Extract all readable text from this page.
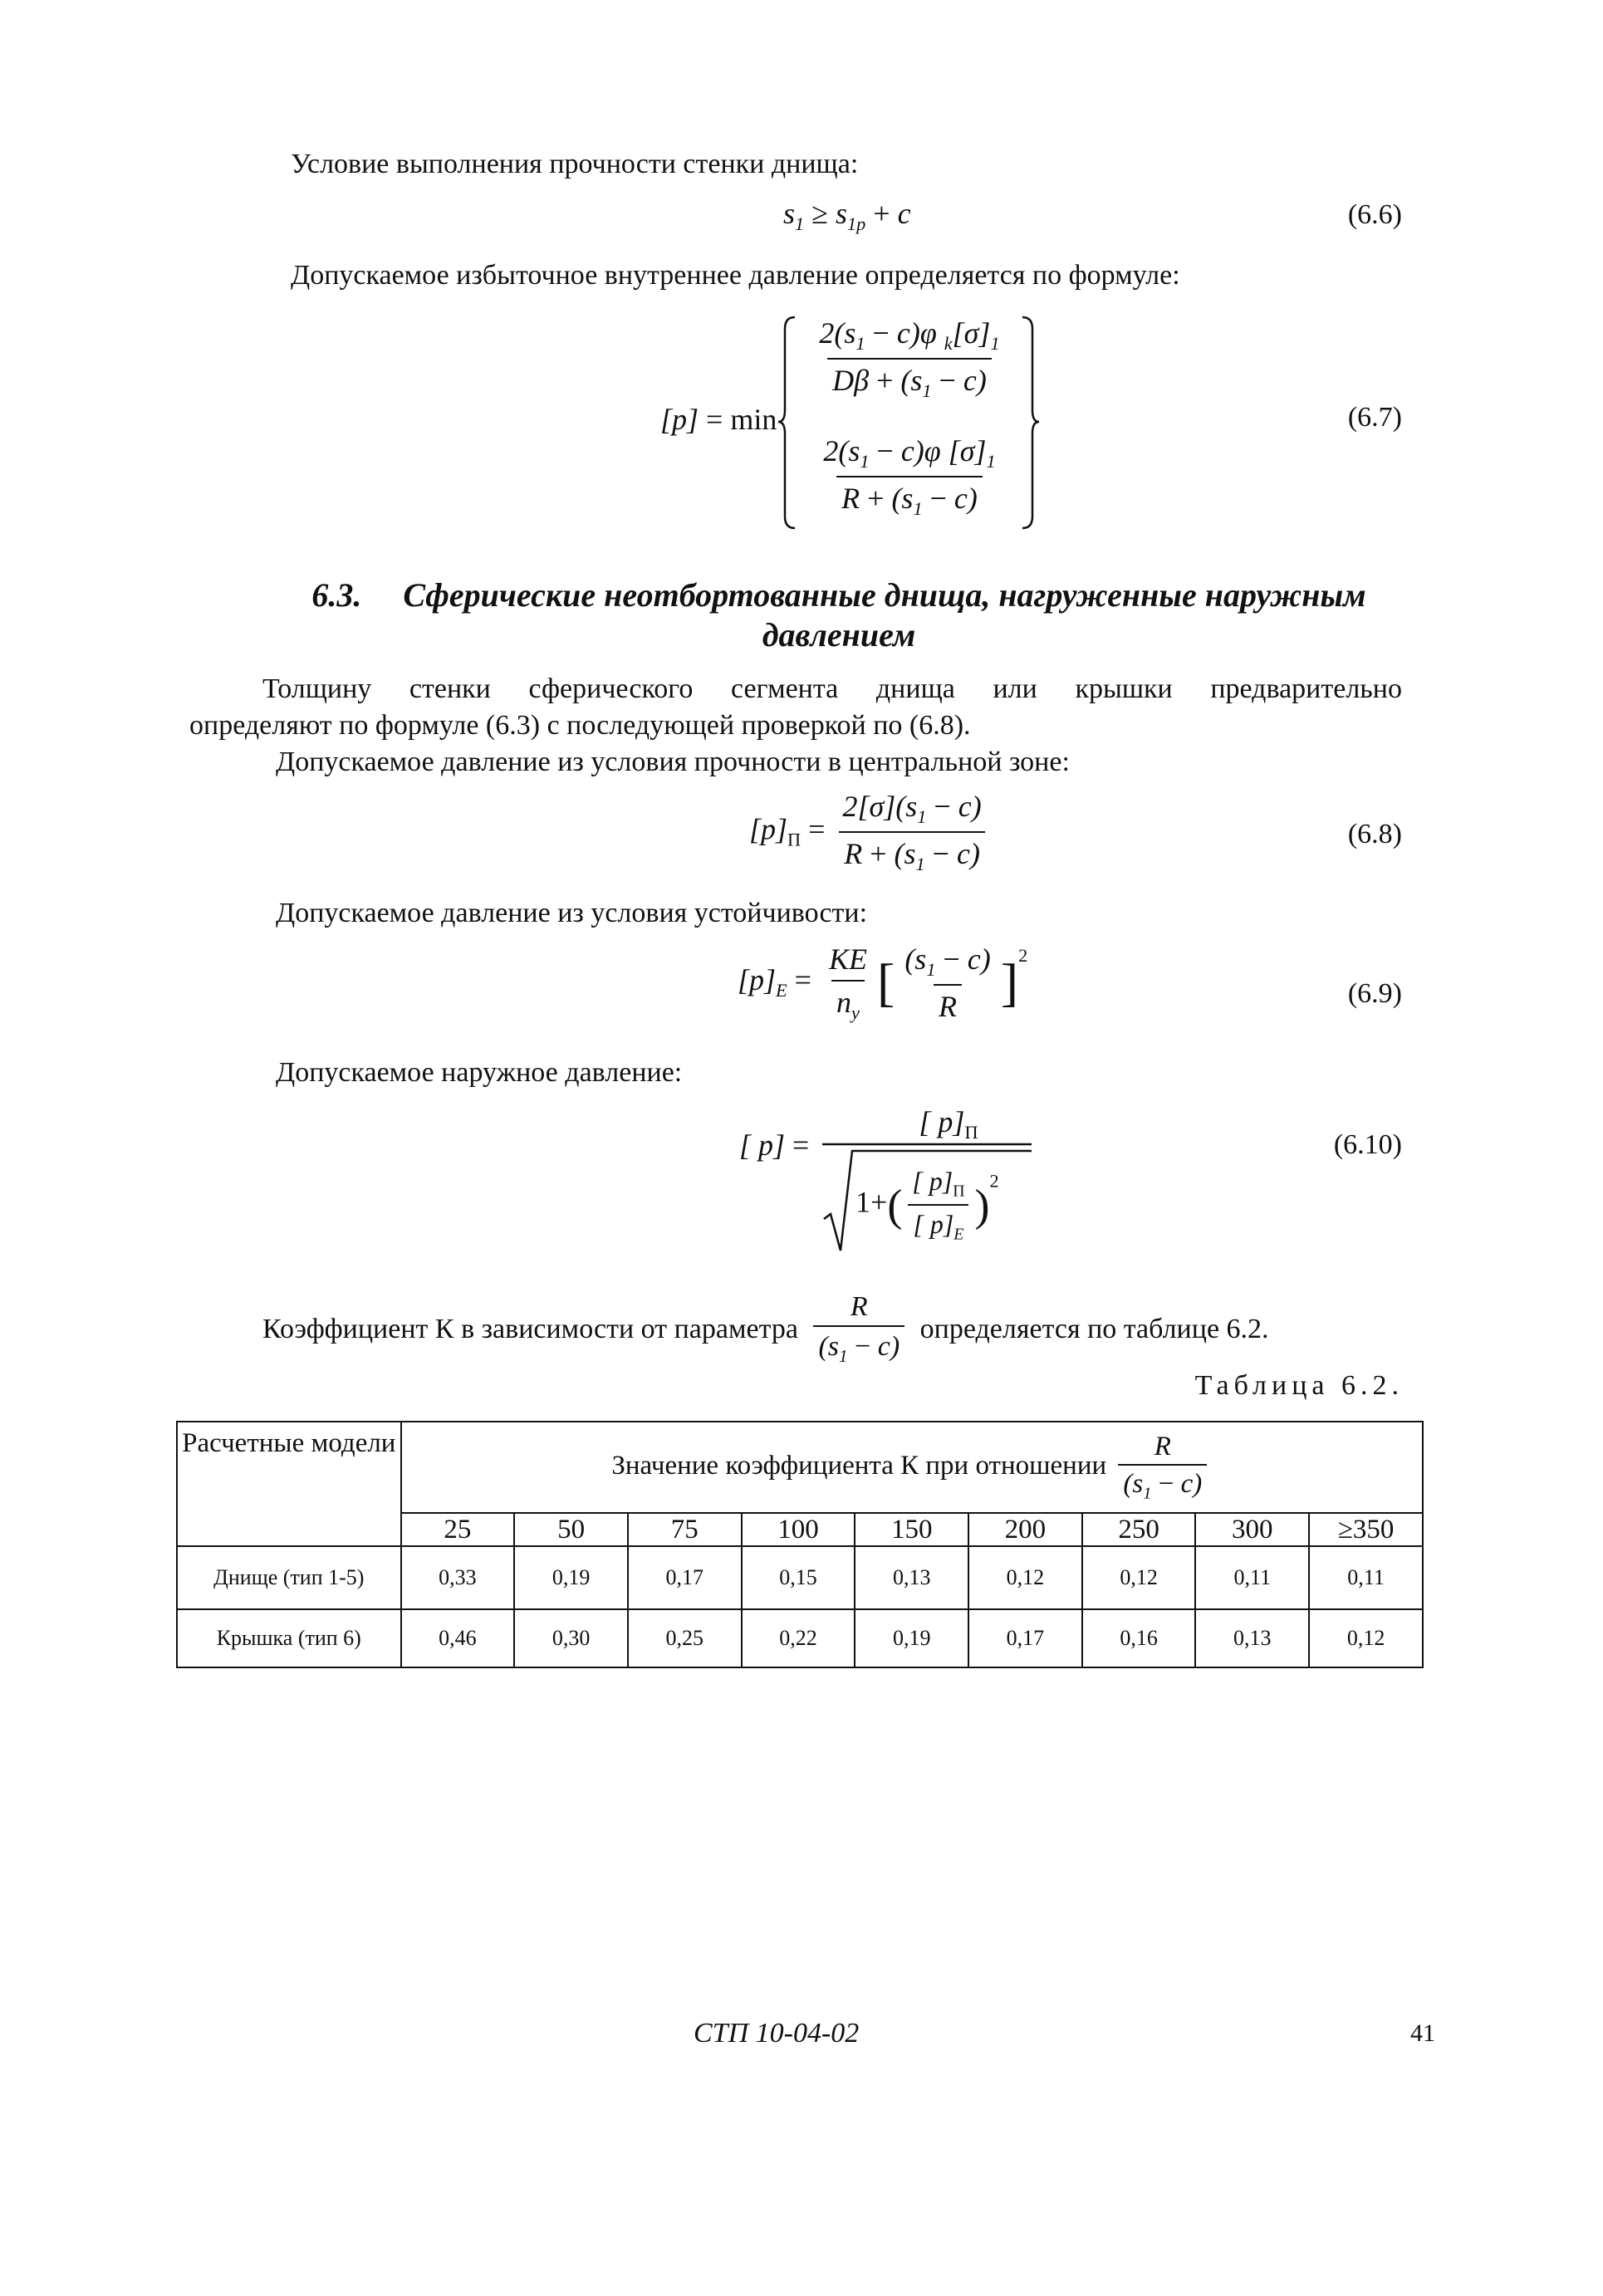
Условие выполнения прочности стенки днища:
$s_1 \ge s_{1p} + c$	(6.6)
Допускаемое избыточное внутреннее давление определяется по формуле:
[p] = min
$\frac{2(s_1 - c)\varphi _k[\sigma]_1}{D\beta + (s_1 - c)}$
$\frac{2(s_1 - c)\varphi [\sigma]_1}{R + (s_1 - c)}$
(6.7)
6.3. Сферические неотбортованные днища, нагруженные наружным
давлением
Толщину стенки сферического сегмента днища или крышки предварительно
определяют по формуле (6.3) с последующей проверкой по (6.8).
Допускаемое давление из условия прочности в центральной зоне:
$[p]_П = \frac{2[\sigma](s_1 - c)}{R + (s_1 - c)}$	(6.8)
Допускаемое давление из условия устойчивости:
$[p]_E = \frac{KE}{n_y}$ [ $\frac{(s_1 - c)}{R} ]^2$
(6.9)
Допускаемое наружное давление:
[ p] =
[ $p]_П$
$1+( \frac{[ p]_П}{[ p]_E} )^2$
(6.10)
Коэффициент К в зависимости от параметра $\frac{R}{(s_1 - c)}$ определяется по таблице 6.2.
Таблица 6.2.
Расчетные модели	Значение коэффициента К при отношении $\frac{R}{(s_1 - c)}$

	25	50	75	100	150	200	250	300	≥350
Днище (тип 1-5)	0,33	0,19	0,17	0,15	0,13	0,12	0,12	0,11	0,11
Крышка (тип 6)	0,46	0,30	0,25	0,22	0,19	0,17	0,16	0,13	0,12
СТП 10-04-02	41
